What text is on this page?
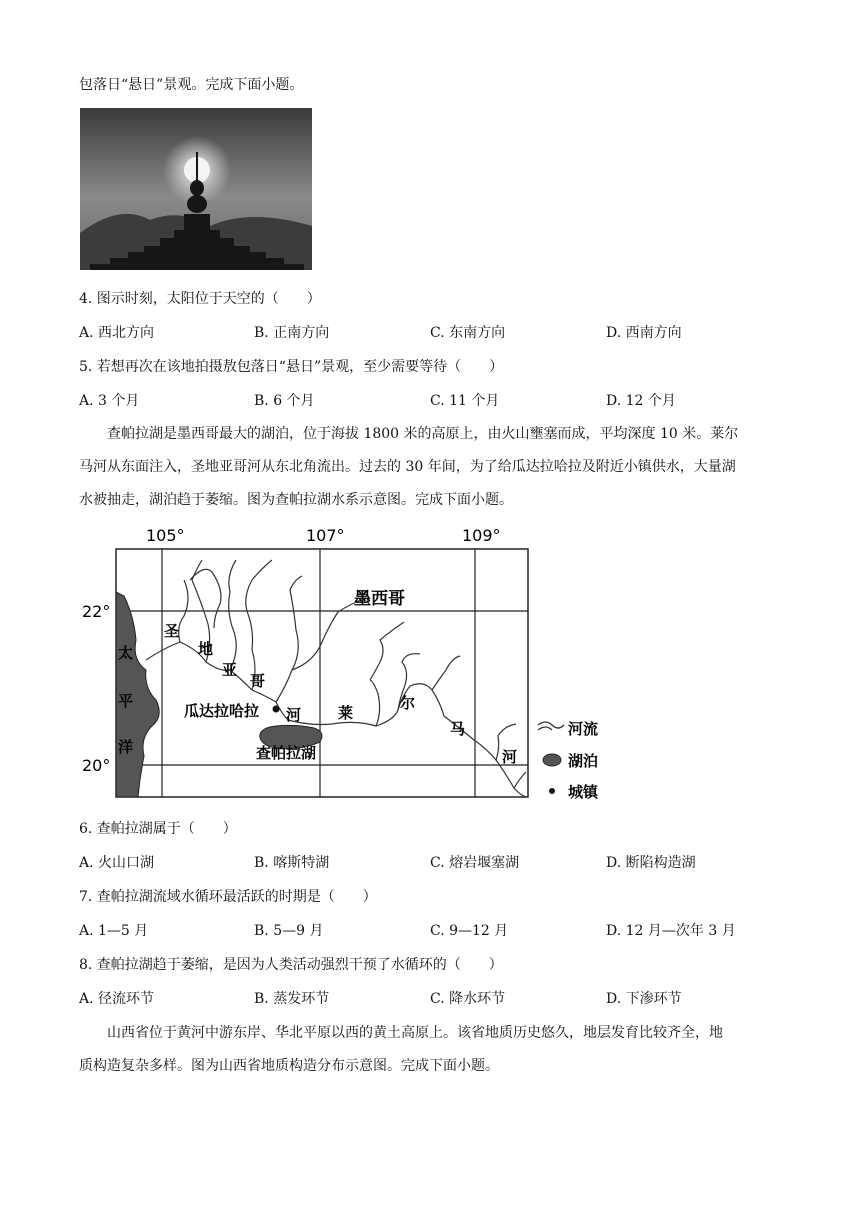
包落日“悬日”景观。完成下面小题。
4. 图示时刻，太阳位于天空的（　　）
A. 西北方向	B. 正南方向	C. 东南方向	D. 西南方向
5. 若想再次在该地拍摄敖包落日“悬日”景观，至少需要等待（　　）
A. 3 个月	B. 6 个月	C. 11 个月	D. 12 个月
查帕拉湖是墨西哥最大的湖泊，位于海拔 1800 米的高原上，由火山壅塞而成，平均深度 10 米。莱尔
马河从东面注入，圣地亚哥河从东北角流出。过去的 30 年间，为了给瓜达拉哈拉及附近小镇供水，大量湖
水被抽走，湖泊趋于萎缩。图为查帕拉湖水系示意图。完成下面小题。
105°	107°	109°
22°
20°
墨西哥
太
平
洋
圣
地
亚
哥
河 莱
尔
马
河
瓜达拉哈拉
查帕拉湖
河流
湖泊
城镇
6. 查帕拉湖属于（　　）
A. 火山口湖	B. 喀斯特湖	C. 熔岩堰塞湖	D. 断陷构造湖
7. 查帕拉湖流域水循环最活跃的时期是（　　）
A. 1—5 月	B. 5—9 月	C. 9—12 月	D. 12 月—次年 3 月
8. 查帕拉湖趋于萎缩，是因为人类活动强烈干预了水循环的（　　）
A. 径流环节	B. 蒸发环节	C. 降水环节	D. 下渗环节
山西省位于黄河中游东岸、华北平原以西的黄土高原上。该省地质历史悠久，地层发育比较齐全，地
质构造复杂多样。图为山西省地质构造分布示意图。完成下面小题。
